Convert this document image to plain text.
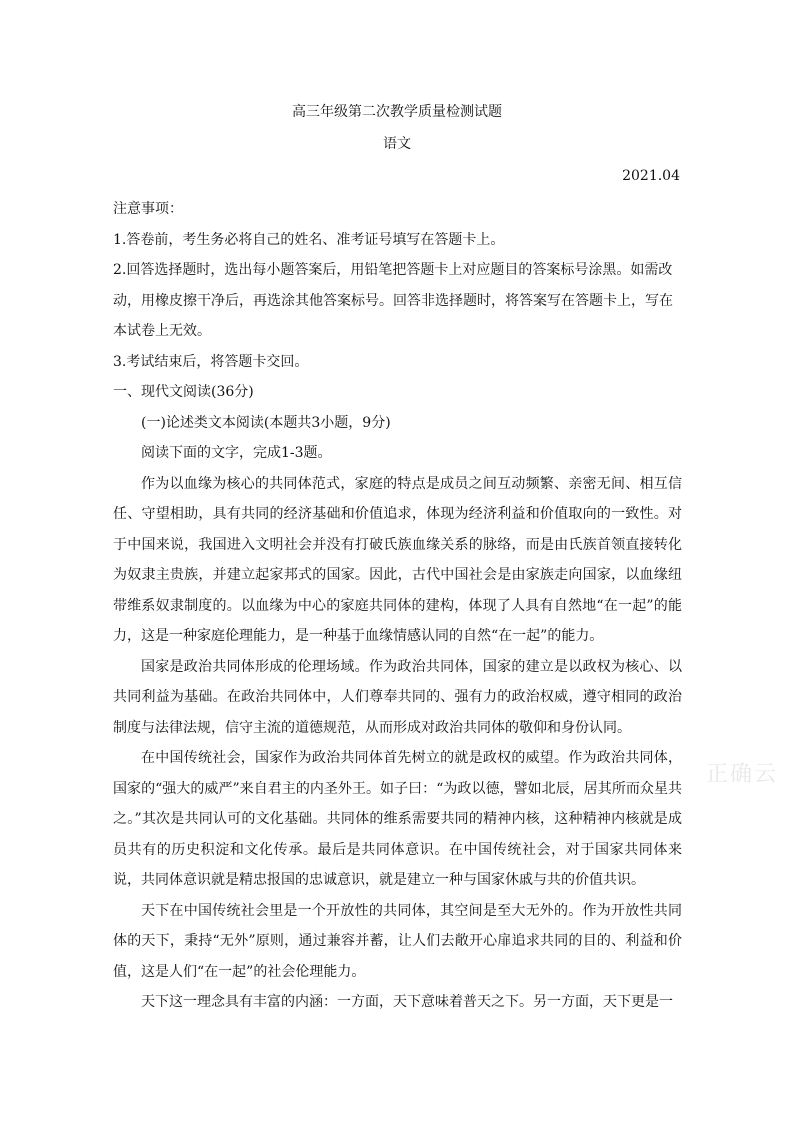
高三年级第二次教学质量检测试题
语文
2021.04

注意事项：

1.答卷前，考生务必将自己的姓名、准考证号填写在答题卡上。

2.回答选择题时，选出每小题答案后，用铅笔把答题卡上对应题目的答案标号涂黑。如需改动，用橡皮擦干净后，再选涂其他答案标号。回答非选择题时，将答案写在答题卡上，写在本试卷上无效。

3.考试结束后，将答题卡交回。

一、现代文阅读(36分)

(一)论述类文本阅读(本题共3小题，9分)

阅读下面的文字，完成1-3题。

作为以血缘为核心的共同体范式，家庭的特点是成员之间互动频繁、亲密无间、相互信任、守望相助，具有共同的经济基础和价值追求，体现为经济利益和价值取向的一致性。对于中国来说，我国进入文明社会并没有打破氏族血缘关系的脉络，而是由氏族首领直接转化为奴隶主贵族，并建立起家邦式的国家。因此，古代中国社会是由家族走向国家，以血缘纽带维系奴隶制度的。以血缘为中心的家庭共同体的建构，体现了人具有自然地“在一起”的能力，这是一种家庭伦理能力，是一种基于血缘情感认同的自然“在一起”的能力。

国家是政治共同体形成的伦理场域。作为政治共同体，国家的建立是以政权为核心、以共同利益为基础。在政治共同体中，人们尊奉共同的、强有力的政治权威，遵守相同的政治制度与法律法规，信守主流的道德规范，从而形成对政治共同体的敬仰和身份认同。

在中国传统社会，国家作为政治共同体首先树立的就是政权的威望。作为政治共同体，国家的“强大的威严”来自君主的内圣外王。如子曰：“为政以德，譬如北辰，居其所而众星共之。”其次是共同认可的文化基础。共同体的维系需要共同的精神内核，这种精神内核就是成员共有的历史积淀和文化传承。最后是共同体意识。在中国传统社会，对于国家共同体来说，共同体意识就是精忠报国的忠诚意识，就是建立一种与国家休戚与共的价值共识。

天下在中国传统社会里是一个开放性的共同体，其空间是至大无外的。作为开放性共同体的天下，秉持“无外”原则，通过兼容并蓄，让人们去敞开心扉追求共同的目的、利益和价值，这是人们“在一起”的社会伦理能力。

天下这一理念具有丰富的内涵：一方面，天下意味着普天之下。另一方面，天下更是一

正确云
